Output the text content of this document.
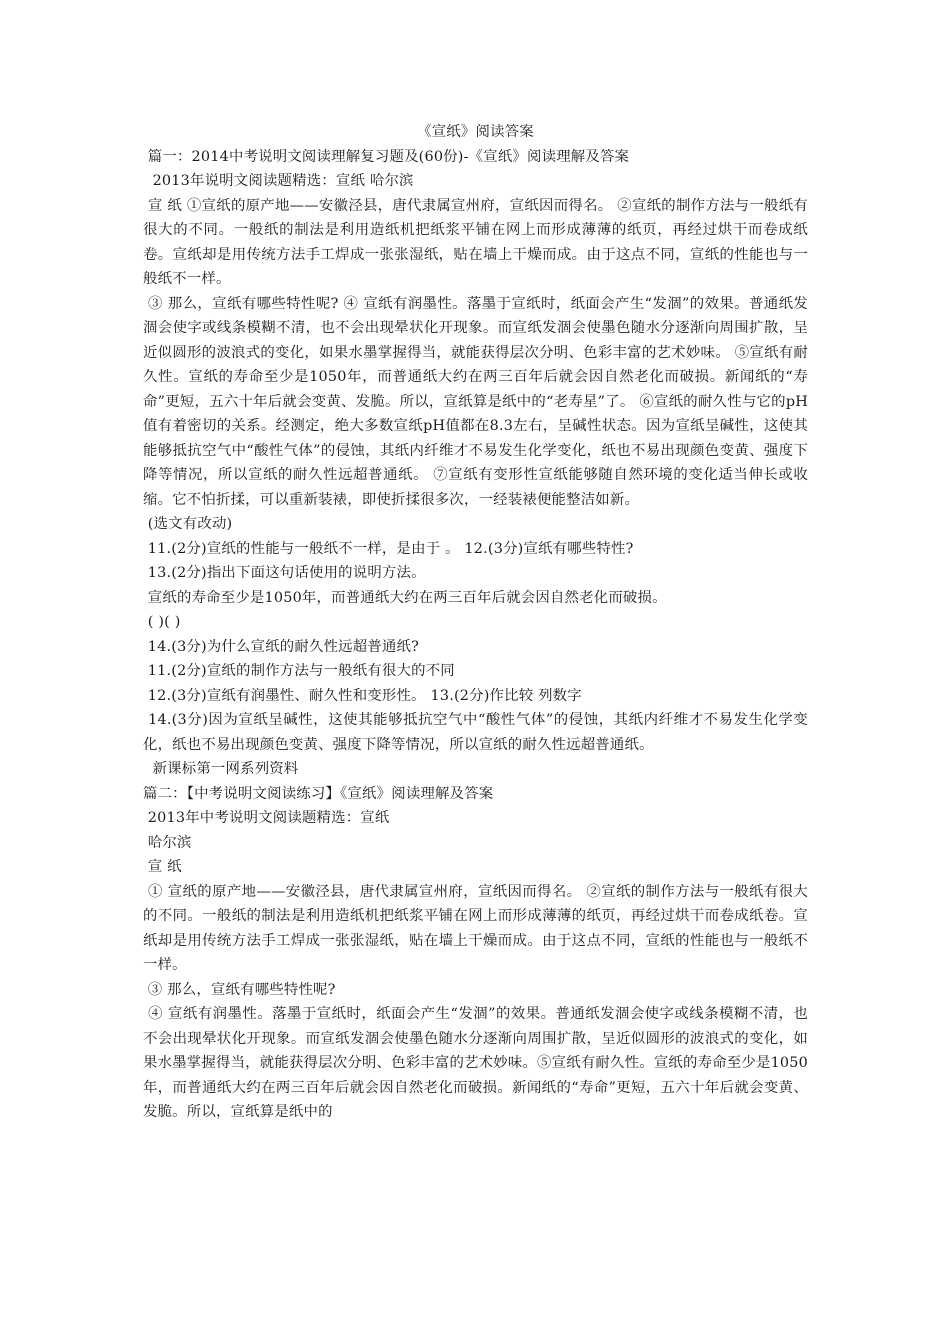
《宣纸》阅读答案

篇一：2014中考说明文阅读理解复习题及(60份)-《宣纸》阅读理解及答案

2013年说明文阅读题精选：宣纸 哈尔滨

宣 纸 ①宣纸的原产地——安徽泾县，唐代隶属宣州府，宣纸因而得名。 ②宣纸的制作方法与一般纸有很大的不同。一般纸的制法是利用造纸机把纸浆平铺在网上而形成薄薄的纸页，再经过烘干而卷成纸卷。宣纸却是用传统方法手工焊成一张张湿纸，贴在墙上干燥而成。由于这点不同，宣纸的性能也与一般纸不一样。

③ 那么，宣纸有哪些特性呢? ④ 宣纸有润墨性。落墨于宣纸时，纸面会产生“发涸”的效果。普通纸发涸会使字或线条模糊不清，也不会出现晕状化开现象。而宣纸发涸会使墨色随水分逐渐向周围扩散，呈近似圆形的波浪式的变化，如果水墨掌握得当，就能获得层次分明、色彩丰富的艺术妙味。 ⑤宣纸有耐久性。宣纸的寿命至少是1050年，而普通纸大约在两三百年后就会因自然老化而破损。新闻纸的“寿命”更短，五六十年后就会变黄、发脆。所以，宣纸算是纸中的“老寿星”了。 ⑥宣纸的耐久性与它的pH值有着密切的关系。经测定，绝大多数宣纸pH值都在8.3左右，呈碱性状态。因为宣纸呈碱性，这使其能够抵抗空气中“酸性气体”的侵蚀，其纸内纤维才不易发生化学变化，纸也不易出现颜色变黄、强度下降等情况，所以宣纸的耐久性远超普通纸。 ⑦宣纸有变形性宣纸能够随自然环境的变化适当伸长或收缩。它不怕折揉，可以重新装裱，即使折揉很多次，一经装裱便能整洁如新。

(选文有改动)

11.(2分)宣纸的性能与一般纸不一样，是由于 。 12.(3分)宣纸有哪些特性?

13.(2分)指出下面这句话使用的说明方法。

宣纸的寿命至少是1050年，而普通纸大约在两三百年后就会因自然老化而破损。

( )( )

14.(3分)为什么宣纸的耐久性远超普通纸?

11.(2分)宣纸的制作方法与一般纸有很大的不同

12.(3分)宣纸有润墨性、耐久性和变形性。 13.(2分)作比较 列数字

14.(3分)因为宣纸呈碱性，这使其能够抵抗空气中“酸性气体”的侵蚀，其纸内纤维才不易发生化学变化，纸也不易出现颜色变黄、强度下降等情况，所以宣纸的耐久性远超普通纸。

新课标第一网系列资料

篇二：【中考说明文阅读练习】《宣纸》阅读理解及答案

2013年中考说明文阅读题精选：宣纸

哈尔滨

宣 纸

① 宣纸的原产地——安徽泾县，唐代隶属宣州府，宣纸因而得名。 ②宣纸的制作方法与一般纸有很大的不同。一般纸的制法是利用造纸机把纸浆平铺在网上而形成薄薄的纸页，再经过烘干而卷成纸卷。宣纸却是用传统方法手工焊成一张张湿纸，贴在墙上干燥而成。由于这点不同，宣纸的性能也与一般纸不一样。

③ 那么，宣纸有哪些特性呢?

④ 宣纸有润墨性。落墨于宣纸时，纸面会产生“发涸”的效果。普通纸发涸会使字或线条模糊不清，也不会出现晕状化开现象。而宣纸发涸会使墨色随水分逐渐向周围扩散，呈近似圆形的波浪式的变化，如果水墨掌握得当，就能获得层次分明、色彩丰富的艺术妙味。⑤宣纸有耐久性。宣纸的寿命至少是1050年，而普通纸大约在两三百年后就会因自然老化而破损。新闻纸的“寿命”更短，五六十年后就会变黄、发脆。所以，宣纸算是纸中的
